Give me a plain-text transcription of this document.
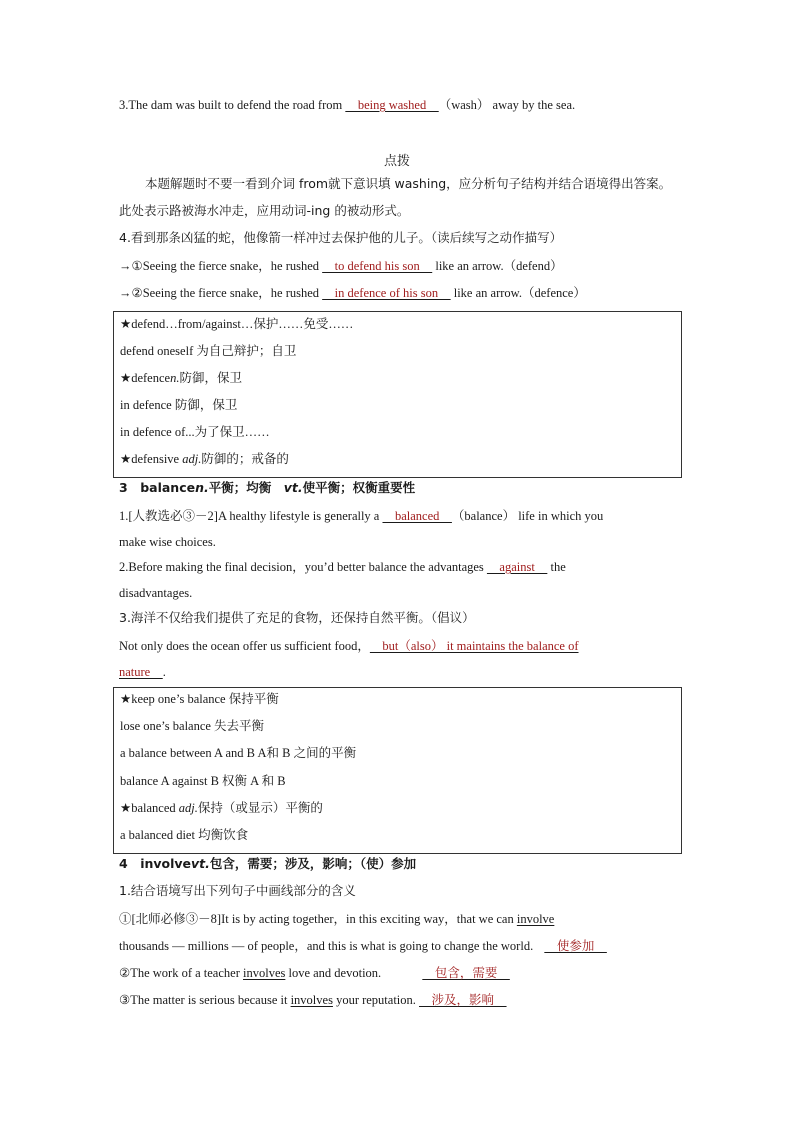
3.The dam was built to defend the road from     being washed    （wash） away by the sea.
点拨
本题解题时不要一看到介词 from就下意识填 washing，应分析句子结构并结合语境得出答案。此处表示路被海水冲走，应用动词-ing 的被动形式。
4.看到那条凶猛的蛇，他像箭一样冲过去保护他的儿子。（读后续写之动作描写）
→①Seeing the fierce snake，he rushed     to defend his son     like an arrow.（defend）
→②Seeing the fierce snake，he rushed     in defence of his son     like an arrow.（defence）
★defend…from/against…保护……免受……
defend oneself 为自己辩护；自卫
★defencen.防御，保卫
in defence 防御，保卫
in defence of...为了保卫……
★defensive adj.防御的；戒备的
3　balancen.平衡；均衡　vt.使平衡；权衡重要性
1.[人教选必③－2]A healthy lifestyle is generally a     balanced    （balance） life in which you
make wise choices.
2.Before making the final decision，you’d better balance the advantages     against     the
disadvantages.
3.海洋不仅给我们提供了充足的食物，还保持自然平衡。（倡议）
Not only does the ocean offer us sufficient food，    but（also） it maintains the balance of
nature    .
★keep one’s balance 保持平衡
lose one’s balance 失去平衡
a balance between A and B A和 B 之间的平衡
balance A against B 权衡 A 和 B
★balanced adj.保持（或显示）平衡的
a balanced diet 均衡饮食
4　involvevt.包含，需要；涉及，影响；（使）参加
1.结合语境写出下列句子中画线部分的含义
①[北师必修③－8]It is by acting together，in this exciting way，that we can involve
thousands — millions — of people，and this is what is going to change the world.     使参加
②The work of a teacher involves love and devotion.	包含，需要
③The matter is serious because it involves your reputation.     涉及，影响
